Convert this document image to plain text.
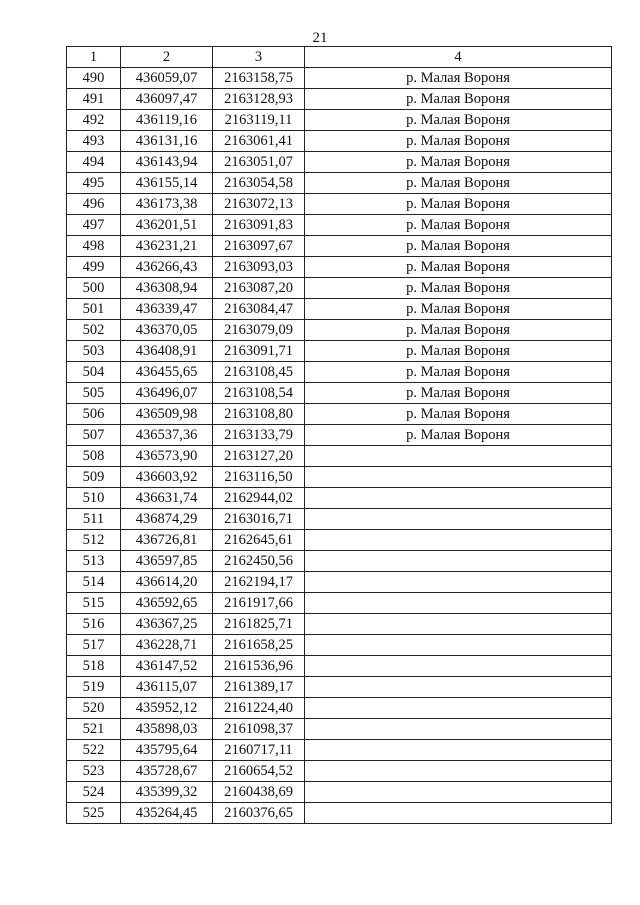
21
1	2	3	4
490	436059,07	2163158,75	р. Малая Вороня
491	436097,47	2163128,93	р. Малая Вороня
492	436119,16	2163119,11	р. Малая Вороня
493	436131,16	2163061,41	р. Малая Вороня
494	436143,94	2163051,07	р. Малая Вороня
495	436155,14	2163054,58	р. Малая Вороня
496	436173,38	2163072,13	р. Малая Вороня
497	436201,51	2163091,83	р. Малая Вороня
498	436231,21	2163097,67	р. Малая Вороня
499	436266,43	2163093,03	р. Малая Вороня
500	436308,94	2163087,20	р. Малая Вороня
501	436339,47	2163084,47	р. Малая Вороня
502	436370,05	2163079,09	р. Малая Вороня
503	436408,91	2163091,71	р. Малая Вороня
504	436455,65	2163108,45	р. Малая Вороня
505	436496,07	2163108,54	р. Малая Вороня
506	436509,98	2163108,80	р. Малая Вороня
507	436537,36	2163133,79	р. Малая Вороня
508	436573,90	2163127,20	
509	436603,92	2163116,50	
510	436631,74	2162944,02	
511	436874,29	2163016,71	
512	436726,81	2162645,61	
513	436597,85	2162450,56	
514	436614,20	2162194,17	
515	436592,65	2161917,66	
516	436367,25	2161825,71	
517	436228,71	2161658,25	
518	436147,52	2161536,96	
519	436115,07	2161389,17	
520	435952,12	2161224,40	
521	435898,03	2161098,37	
522	435795,64	2160717,11	
523	435728,67	2160654,52	
524	435399,32	2160438,69	
525	435264,45	2160376,65	
